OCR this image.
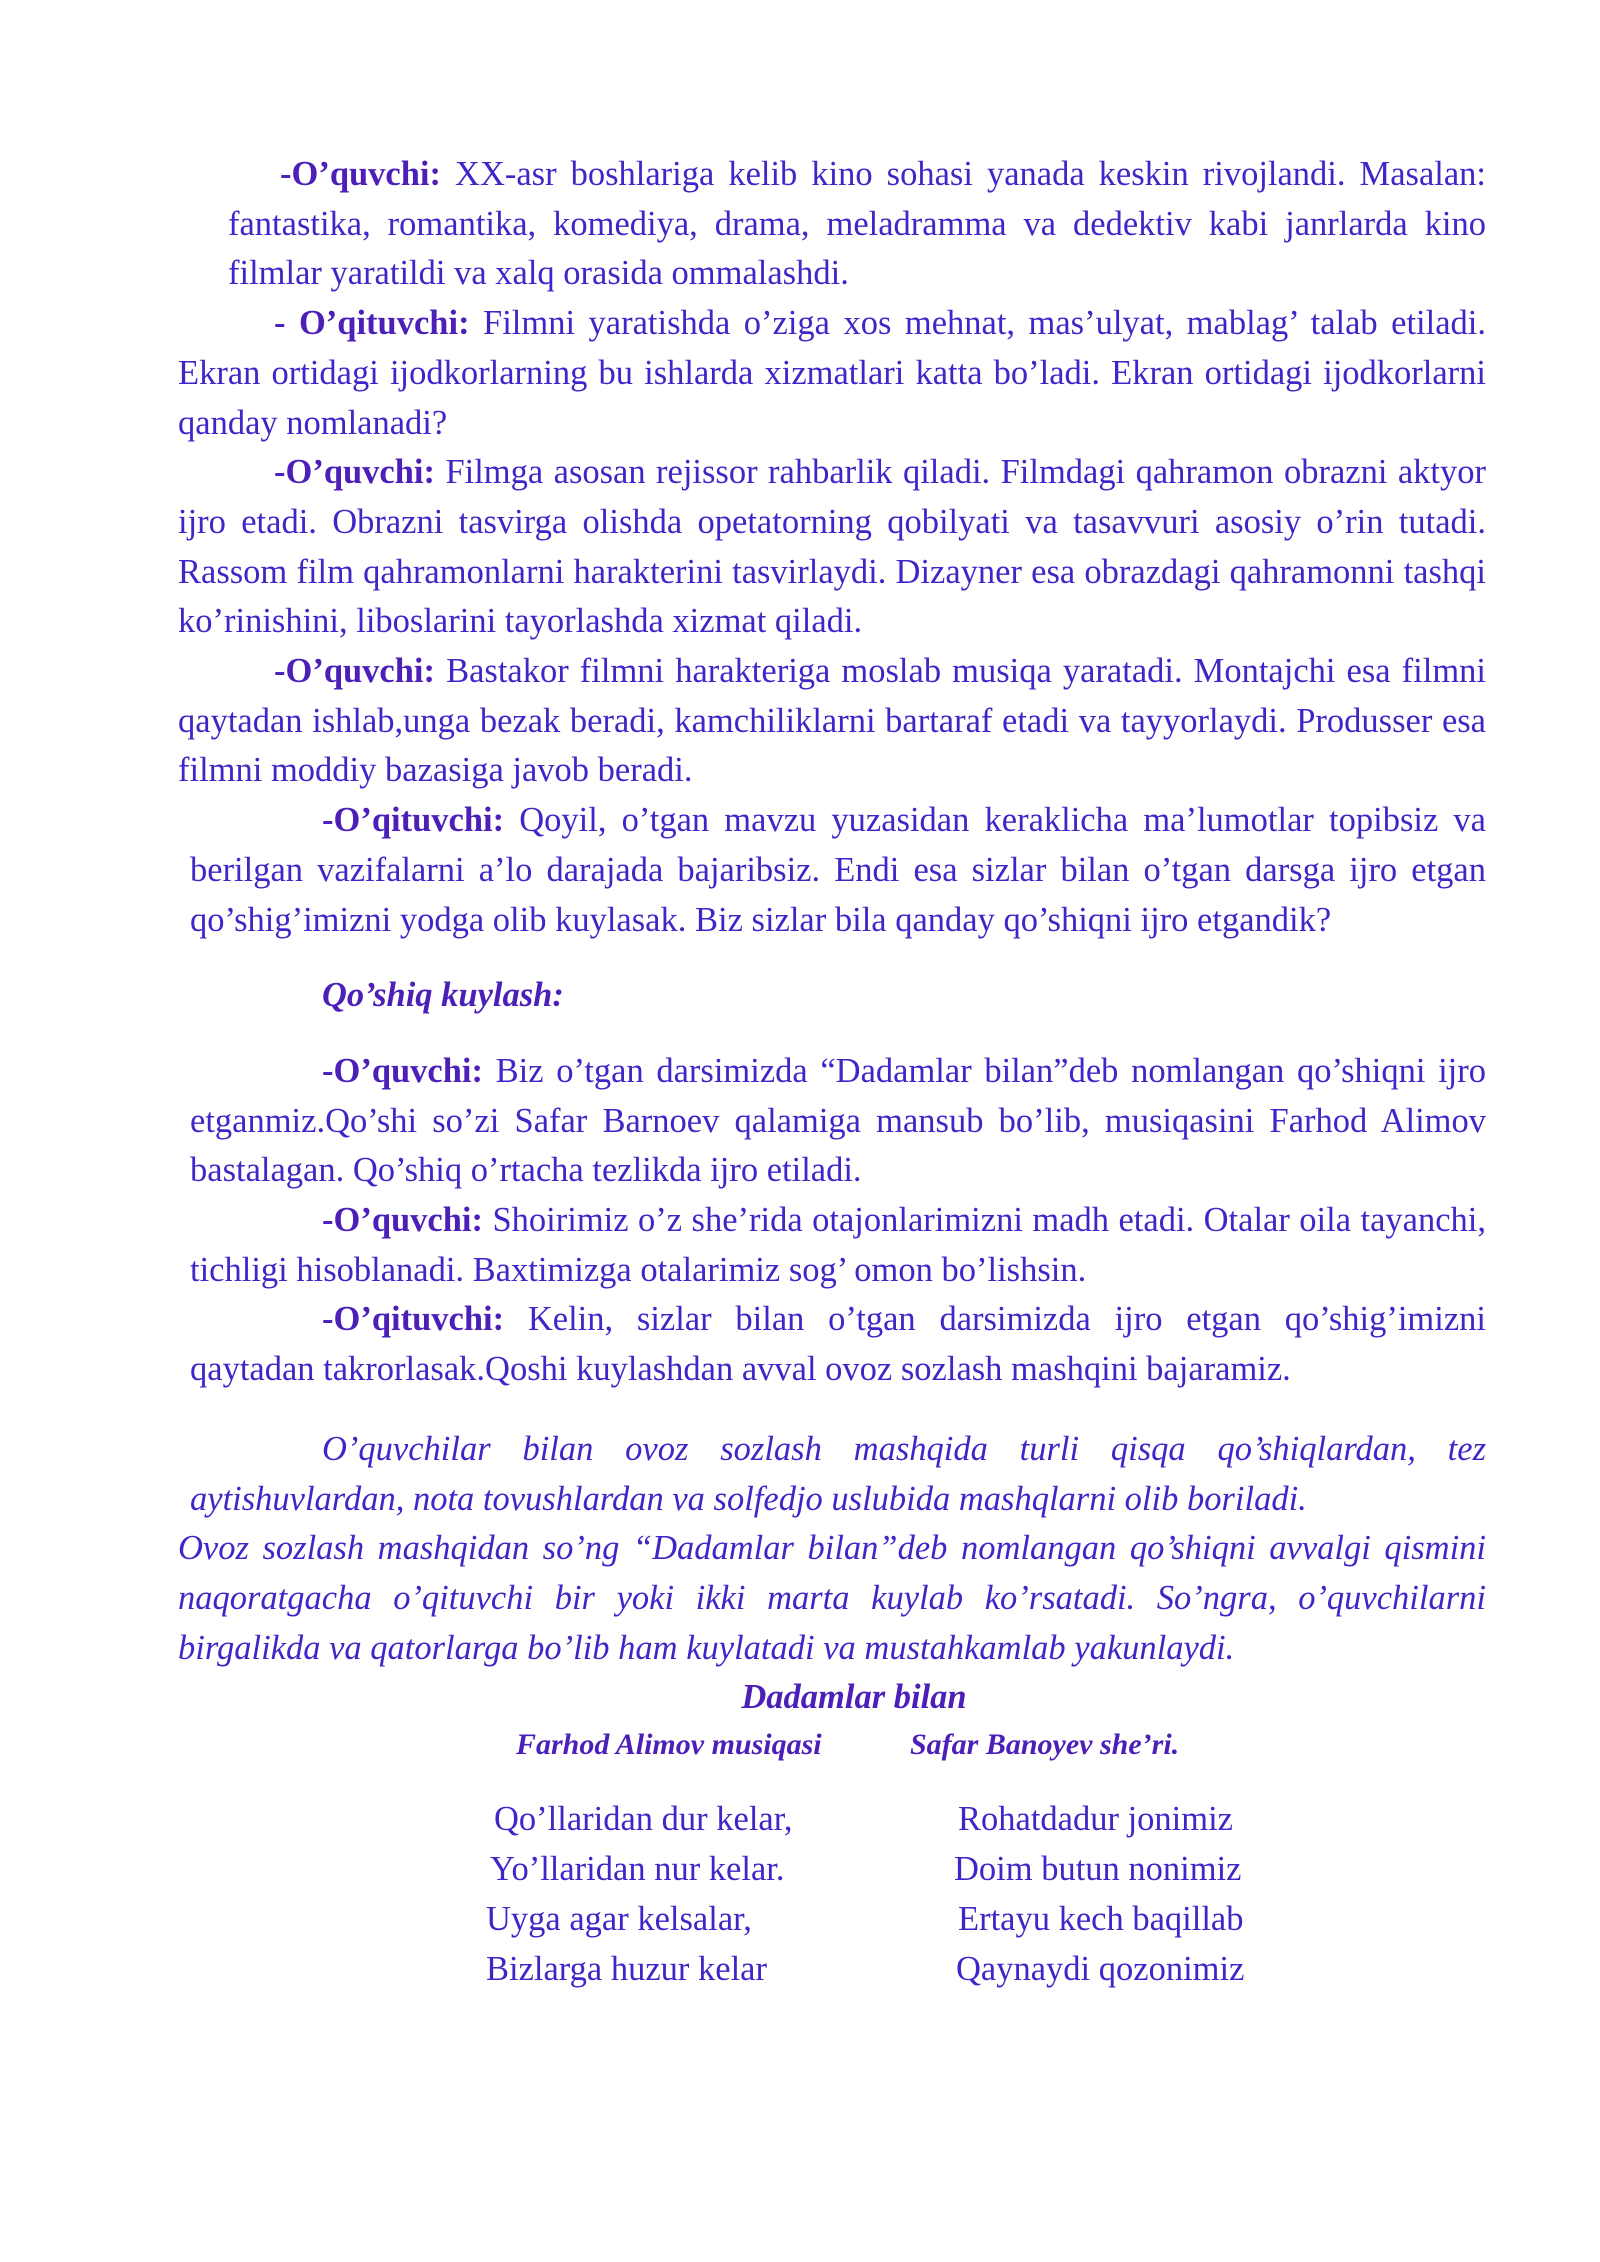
-O’quvchi: XX-asr boshlariga kelib kino sohasi yanada keskin rivojlandi. Masalan: fantastika, romantika, komediya, drama, meladramma va dedektiv kabi janrlarda kino filmlar yaratildi va xalq orasida ommalashdi.

- O’qituvchi: Filmni yaratishda o’ziga xos mehnat, mas’ulyat, mablag’ talab etiladi. Ekran ortidagi ijodkorlarning bu ishlarda xizmatlari katta bo’ladi. Ekran ortidagi ijodkorlarni qanday nomlanadi?

-O’quvchi: Filmga asosan rejissor rahbarlik qiladi. Filmdagi qahramon obrazni aktyor ijro etadi. Obrazni tasvirga olishda opetatorning qobilyati va tasavvuri asosiy o’rin tutadi. Rassom film qahramonlarni harakterini tasvirlaydi. Dizayner esa obrazdagi qahramonni tashqi ko’rinishini, liboslarini tayorlashda xizmat qiladi.

-O’quvchi: Bastakor filmni harakteriga moslab musiqa yaratadi. Montajchi esa filmni qaytadan ishlab,unga bezak beradi, kamchiliklarni bartaraf etadi va tayyorlaydi. Produsser esa filmni moddiy bazasiga javob beradi.

-O’qituvchi: Qoyil, o’tgan mavzu yuzasidan keraklicha ma’lumotlar topibsiz va berilgan vazifalarni a’lo darajada bajaribsiz. Endi esa sizlar bilan o’tgan darsga ijro etgan qo’shig’imizni yodga olib kuylasak. Biz sizlar bila qanday qo’shiqni ijro etgandik?

Qo’shiq kuylash:

-O’quvchi: Biz o’tgan darsimizda “Dadamlar bilan”deb nomlangan qo’shiqni ijro etganmiz.Qo’shi so’zi Safar Barnoev qalamiga mansub bo’lib, musiqasini Farhod Alimov bastalagan. Qo’shiq o’rtacha tezlikda ijro etiladi.

-O’quvchi: Shoirimiz o’z she’rida otajonlarimizni madh etadi. Otalar oila tayanchi, tichligi hisoblanadi. Baxtimizga otalarimiz sog’ omon bo’lishsin.

-O’qituvchi: Kelin, sizlar bilan o’tgan darsimizda ijro etgan qo’shig’imizni qaytadan takrorlasak.Qoshi kuylashdan avval ovoz sozlash mashqini bajaramiz.

O’quvchilar bilan ovoz sozlash mashqida turli qisqa qo’shiqlardan, tez aytishuvlardan, nota tovushlardan va solfedjo uslubida mashqlarni olib boriladi.

Ovoz sozlash mashqidan so’ng “Dadamlar bilan”deb nomlangan qo’shiqni avvalgi qismini naqoratgacha o’qituvchi bir yoki ikki marta kuylab ko’rsatadi. So’ngra, o’quvchilarni birgalikda va qatorlarga bo’lib ham kuylatadi va mustahkamlab yakunlaydi.

Dadamlar bilan

Farhod Alimov musiqasi	Safar Banoyev she’ri.
Qo’llaridan dur kelar,
Yo’llaridan nur kelar.
Uyga agar kelsalar,
Bizlarga huzur kelar
Rohatdadur jonimiz
Doim butun nonimiz
Ertayu kech baqillab
Qaynaydi qozonimiz
